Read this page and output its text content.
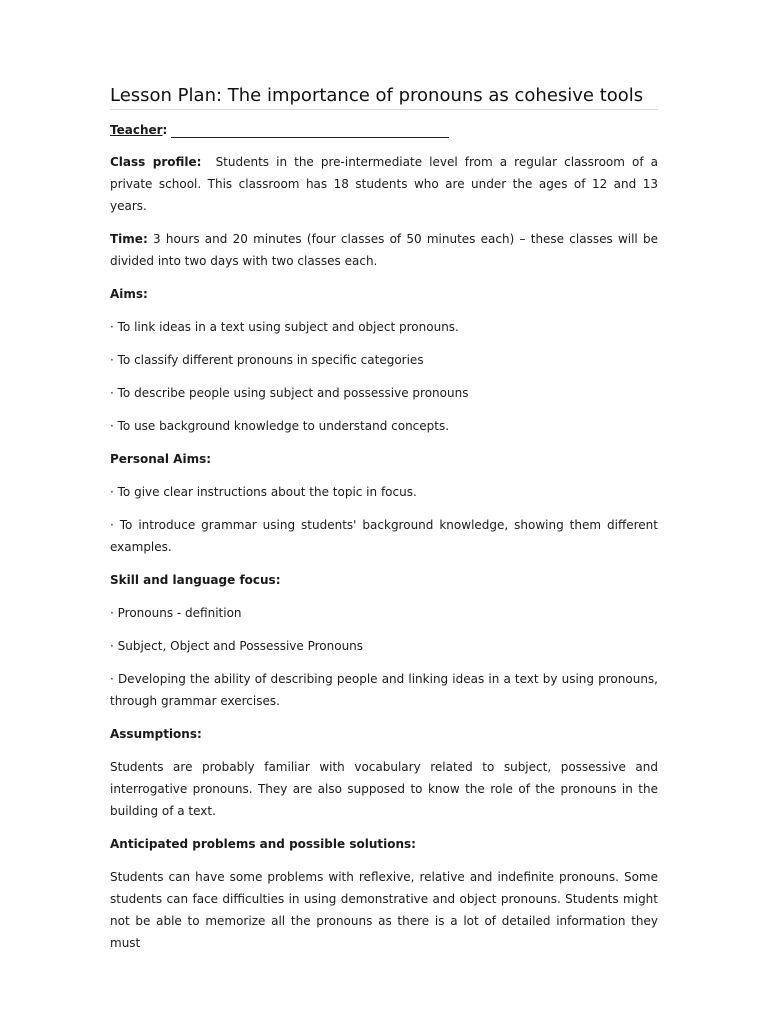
Lesson Plan: The importance of pronouns as cohesive tools
Teacher :

Class profile: Students in the pre-intermediate level from a regular classroom of a private school. This classroom has 18 students who are under the ages of 12 and 13 years.

Time: 3 hours and 20 minutes (four classes of 50 minutes each) – these classes will be divided into two days with two classes each.

Aims:

· To link ideas in a text using subject and object pronouns.

· To classify different pronouns in specific categories

· To describe people using subject and possessive pronouns

· To use background knowledge to understand concepts.

Personal Aims:

· To give clear instructions about the topic in focus.

· To introduce grammar using students' background knowledge, showing them different examples.

Skill and language focus:

· Pronouns - definition

· Subject, Object and Possessive Pronouns

· Developing the ability of describing people and linking ideas in a text by using pronouns, through grammar exercises.

Assumptions:

Students are probably familiar with vocabulary related to subject, possessive and interrogative pronouns. They are also supposed to know the role of the pronouns in the building of a text.

Anticipated problems and possible solutions:

Students can have some problems with reflexive, relative and indefinite pronouns. Some students can face difficulties in using demonstrative and object pronouns. Students might not be able to memorize all the pronouns as there is a lot of detailed information they must
